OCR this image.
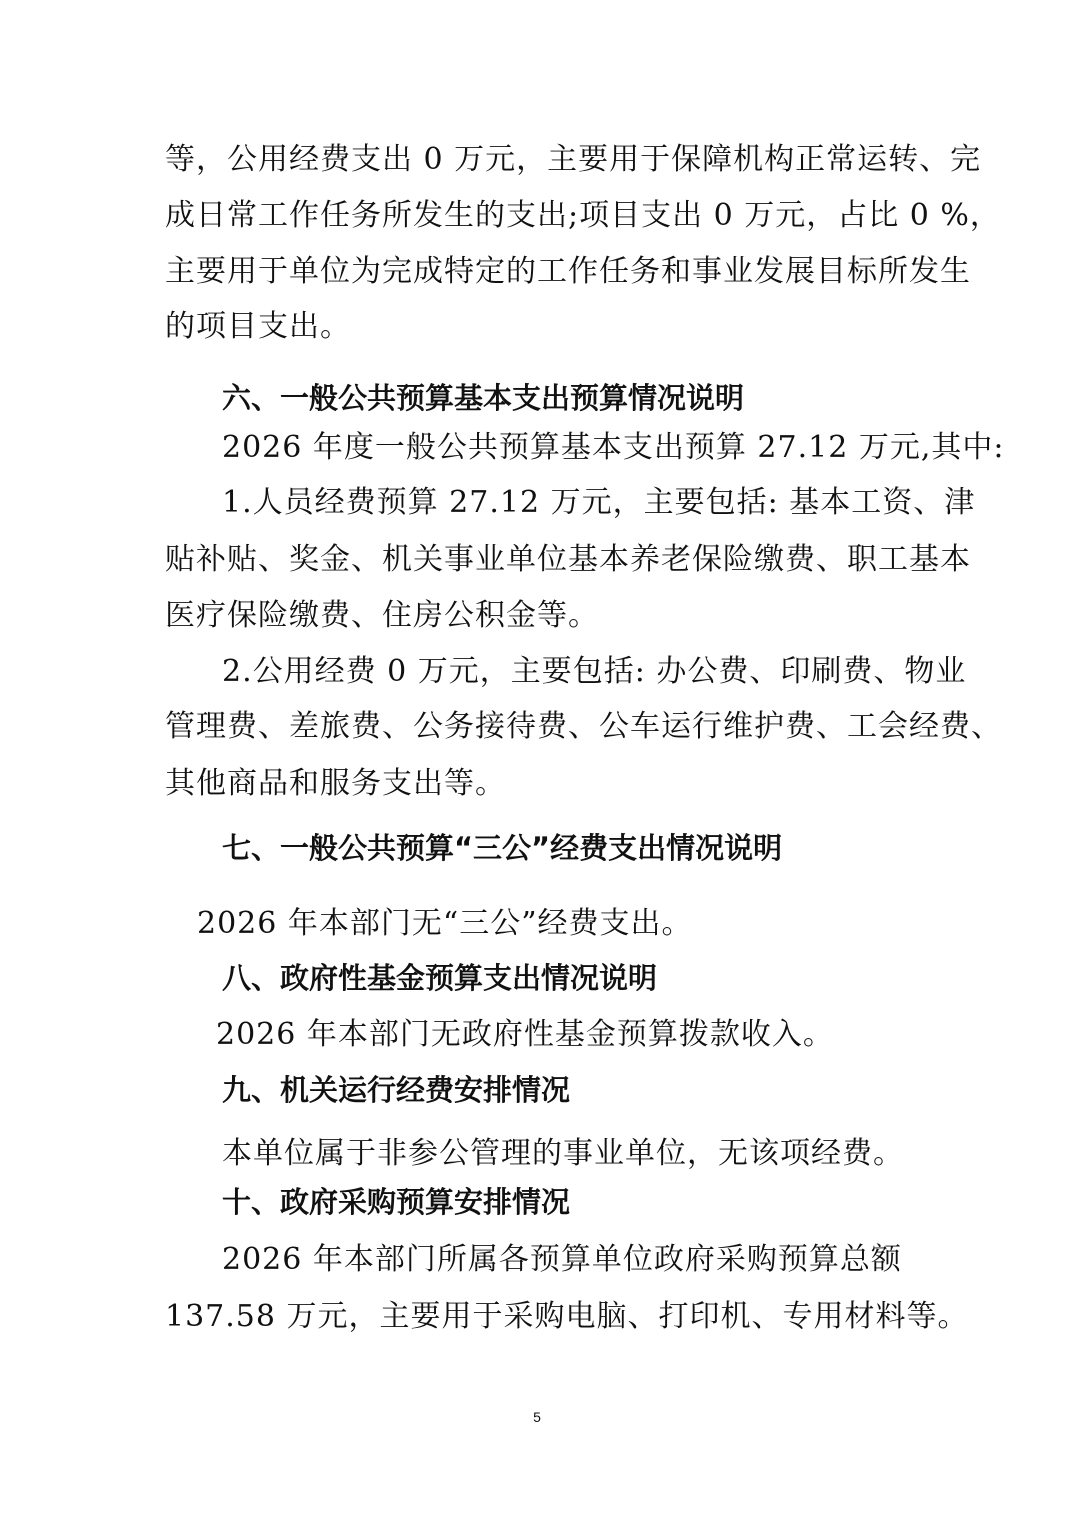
等，公用经费支出 0 万元，主要用于保障机构正常运转、完
成日常工作任务所发生的支出;项目支出 0 万元，占比 0 %，
主要用于单位为完成特定的工作任务和事业发展目标所发生
的项目支出。
六、一般公共预算基本支出预算情况说明
2026 年度一般公共预算基本支出预算 27.12 万元,其中:
1.人员经费预算 27.12 万元，主要包括: 基本工资、津
贴补贴、奖金、机关事业单位基本养老保险缴费、职工基本
医疗保险缴费、住房公积金等。
2.公用经费 0 万元，主要包括: 办公费、印刷费、物业
管理费、差旅费、公务接待费、公车运行维护费、工会经费、
其他商品和服务支出等。
七、一般公共预算“三公”经费支出情况说明
2026 年本部门无“三公”经费支出。
八、政府性基金预算支出情况说明
2026 年本部门无政府性基金预算拨款收入。
九、机关运行经费安排情况
本单位属于非参公管理的事业单位，无该项经费。
十、政府采购预算安排情况
2026 年本部门所属各预算单位政府采购预算总额
137.58 万元，主要用于采购电脑、打印机、专用材料等。
5
